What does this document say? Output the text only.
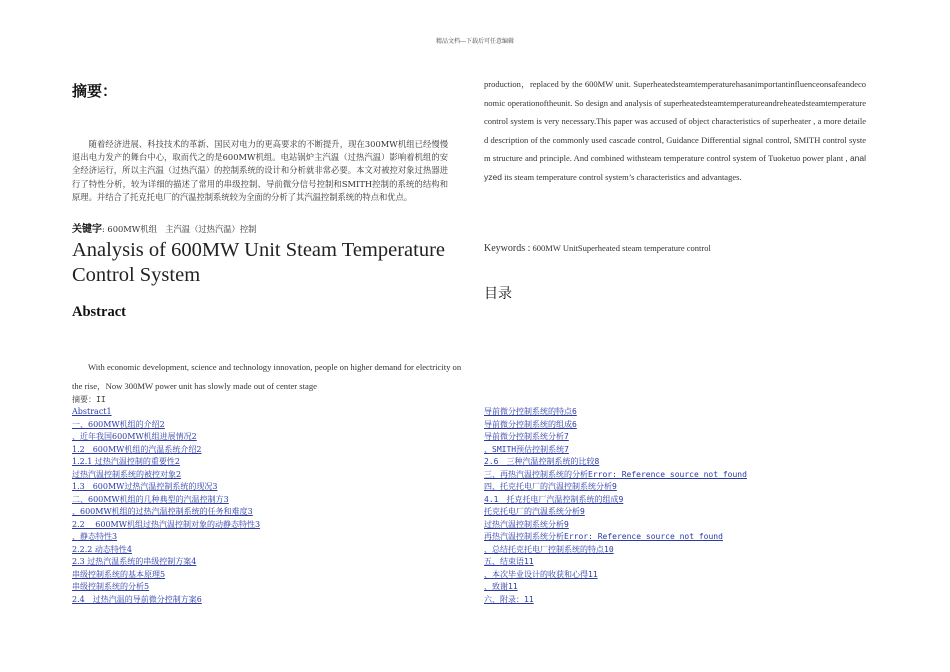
精品文档---下载后可任意编辑
摘要：
随着经济进展、科技技术的革新、国民对电力的更高要求的不断提升，现在300MW机组已经慢慢退出电力发产的舞台中心，取而代之的是600MW机组。电站锅炉主汽温（过热汽温）影响着机组的安全经济运行，所以主汽温（过热汽温）的控制系统的设计和分析就非常必要。本文对被控对象过热器进行了特性分析，较为详细的描述了常用的串级控制、导前微分信号控制和SMITH控制的系统的结构和原理。并结合了托克托电厂的汽温控制系统较为全面的分析了其汽温控制系统的特点和优点。
关键字: 600MW机组　主汽温（过热汽温）控制
Analysis of 600MW Unit Steam Temperature Control System
Abstract
With economic development, science and technology innovation, people on higher demand for electricity on the rise，Now 300MW power unit has slowly made out of center stage
production，replaced by the 600MW unit. Superheatedsteamtemperaturehasanimportantinfluenceonsafeandeconomic operationoftheunit. So design and analysis of superheatedsteamtemperatureandreheatedsteamtemperaturecontrol system is very necessary.This paper was accused of object characteristics of superheater , a more detailed description of the commonly used cascade control, Guidance Differential signal control, SMITH control system structure and principle. And combined withsteam temperature control system of Tuoketuo power plant , analyzed its steam temperature control system’s characteristics and advantages.
Keywords : 600MW UnitSuperheated steam temperature control
目录
摘要：II
Abstract1
一、600MW机组的介绍2
、近年我国600MW机组进展情况2
1.2　600MW机组的汽温系统介绍2
1.2.1 过热汽温控制的重要性2
过热汽温控制系统的被控对象2
1.3　600MW过热汽温控制系统的现况3
二、600MW机组的几种典型的汽温控制方3
、600MW机组的过热汽温控制系统的任务和难度3
2.2　 600MW机组过热汽温控制对象的动静态特性3
、静态特性3
2.2.2 动态特性4
2.3 过热汽温系统的串级控制方案4
串级控制系统的基本原理5
串级控制系统的分析5
2.4　过热汽温的导前微分控制方案6
导前微分控制系统的特点6
导前微分控制系统的组成6
导前微分控制系统分析7
、SMITH预估控制系统7
2.6　三种汽温控制系统的比较8
三、再热汽温控制系统的分析Error: Reference source not found
四、托克托电厂的汽温控制系统分析9
4.1　托克托电厂汽温控制系统的组成9
托克托电厂的汽温系统分析9
过热汽温控制系统分析9
再热汽温控制系统分析Error: Reference source not found
、总结托克托电厂控制系统的特点10
五、结束语11
、本次毕业设计的收获和心得11
、致谢11
六、附录：11
